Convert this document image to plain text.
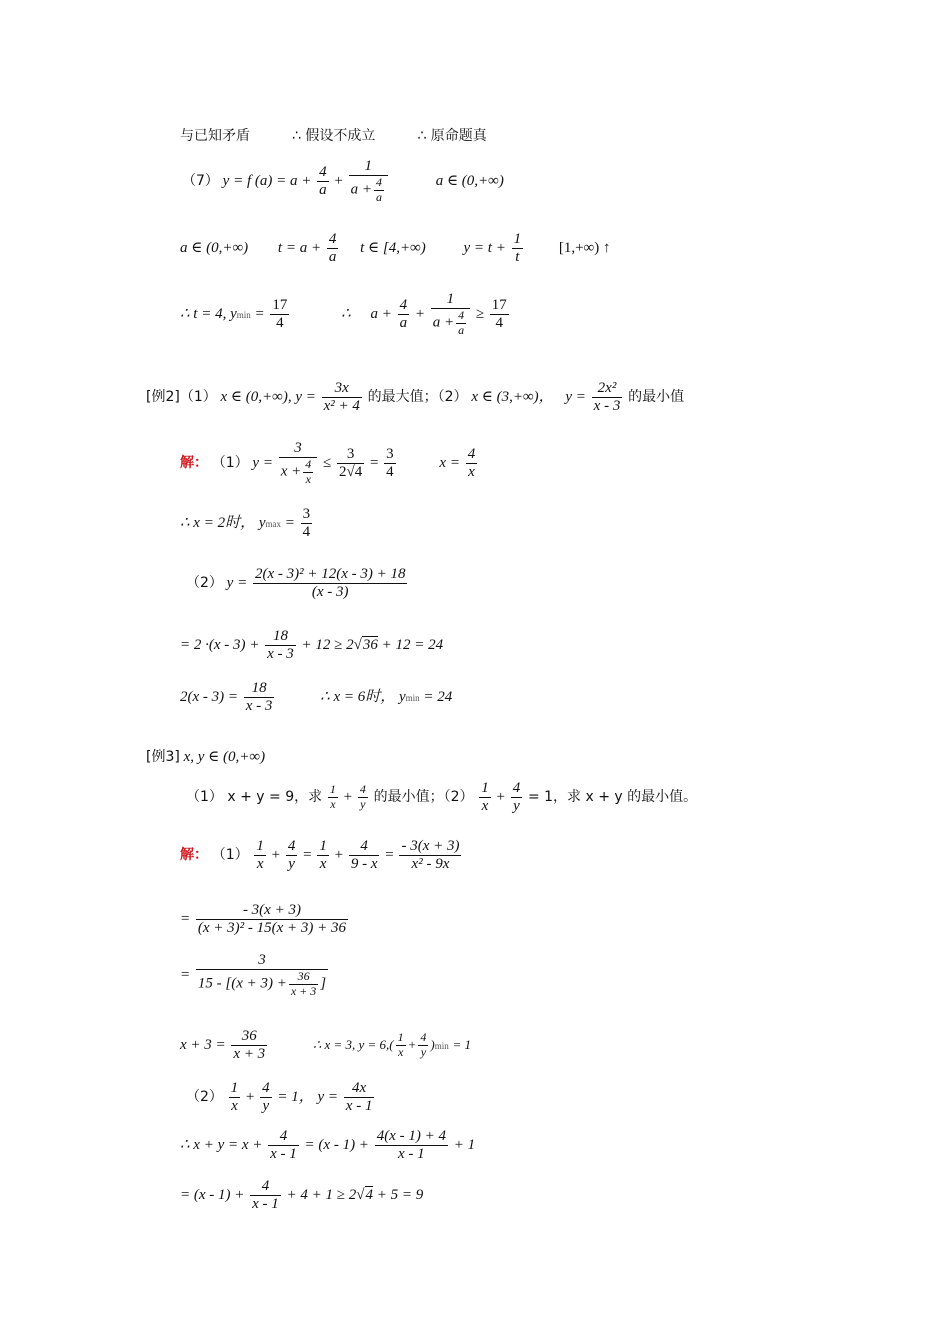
与已知矛盾　　　∴ 假设不成立　　　∴ 原命题真
（7） y = f $(a) = a + \frac{4}{a} + \frac{1}{a + \frac{4}{a}}$	a ∈ (0,+∞)
a ∈ (0,+∞) $t = a + \frac{4}{a}$ t ∈ [4,+∞)	$y = t + \frac{1}{t} [1,+\infty)$ ↑
∴ t = 4, $ymin = \frac{17}{4}$	∴ $a + \frac{4}{a} + \frac{1}{a + \frac{4}{a}} \ge \frac{17}{4}$
[例2]（1） x ∈ (0,+∞), $y = \frac{3x}{\text{x² + 4}}$ 的最大值；（2） x ∈ (3,+∞)， $y = \frac{\text{2x²}}{x - 3}$ 的最小值
解： （1） $y = \frac{3}{x + \frac{4}{x}} \le \frac{3}{2√4} = \frac{3}{4}$	$x = \frac{4}{x}$
∴ x = 2时， $ymax = \frac{3}{4}$
（2） $y = \frac{\text{2(x - 3)² + 12(x - 3) + 18}}{(x - 3)}$
= $2 \cdot(x - 3) + \frac{18}{x - 3} + 12 \ge 2√36 + 12 = 24$
$2(x - 3) = \frac{18}{x - 3}$	∴ x = 6时， ymin = 24
[例3] x, y ∈ (0,+∞)
（1） x + y = 9，求 $\frac{1}{x} + \frac{4}{y}$ 的最小值；$(2) \frac{1}{x} + \frac{4}{y} = 1$，求 x + y 的最小值。
解： $(1) \frac{1}{x} + \frac{4}{y} = \frac{1}{x} + \frac{4}{9 - x} = \frac{- 3(x + 3)}{\text{x² - 9x}}$
= $\frac{- 3(x + 3)}{\text{(x + 3)² - 15(x + 3) + 36}}$
= $\frac{3}{15 - [(x + 3) + \frac{36}{x + 3} ]}$
$x + 3 = \frac{36}{x + 3}$	∴ x = 3, $y = 6,( \frac{1}{x} + \frac{4}{y} )\min = 1$
$(2) \frac{1}{x} + \frac{4}{y} = 1$， $y = \frac{4x}{x - 1}$
∴ $x + y = x + \frac{4}{x - 1} = (x - 1) + \frac{4(x - 1) + 4}{x - 1} + 1$
= $(x - 1) + \frac{4}{x - 1} + 4 + 1 \ge 2√4 + 5 = 9$
